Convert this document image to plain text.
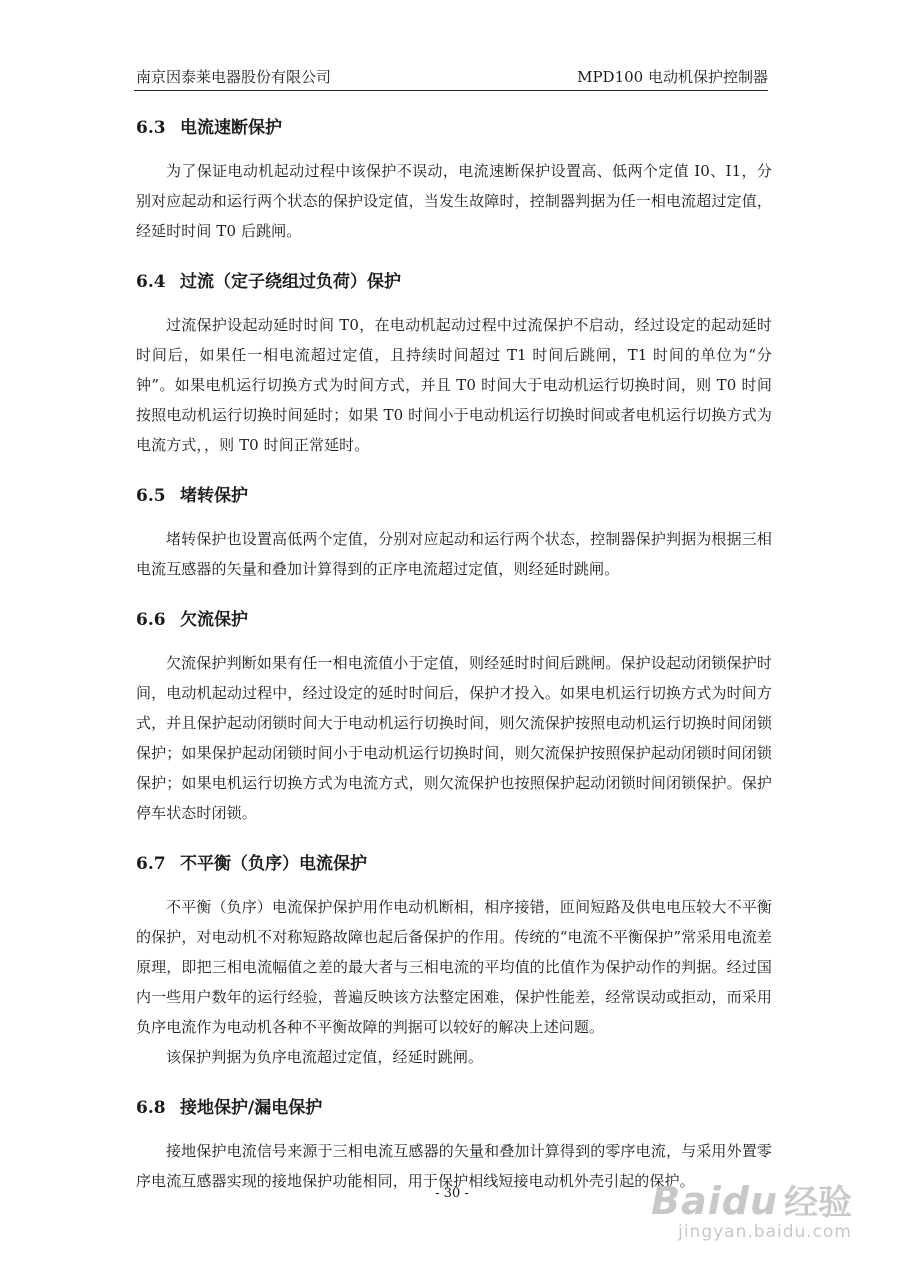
南京因泰莱电器股份有限公司	MPD100 电动机保护控制器
6.3 电流速断保护

为了保证电动机起动过程中该保护不误动，电流速断保护设置高、低两个定值 I0、I1，分别对应起动和运行两个状态的保护设定值，当发生故障时，控制器判据为任一相电流超过定值，经延时时间 T0 后跳闸。

6.4 过流（定子绕组过负荷）保护

过流保护设起动延时时间 T0，在电动机起动过程中过流保护不启动，经过设定的起动延时时间后，如果任一相电流超过定值，且持续时间超过 T1 时间后跳闸，T1 时间的单位为“分钟”。如果电机运行切换方式为时间方式，并且 T0 时间大于电动机运行切换时间，则 T0 时间按照电动机运行切换时间延时；如果 T0 时间小于电动机运行切换时间或者电机运行切换方式为电流方式，，则 T0 时间正常延时。

6.5 堵转保护

堵转保护也设置高低两个定值，分别对应起动和运行两个状态，控制器保护判据为根据三相电流互感器的矢量和叠加计算得到的正序电流超过定值，则经延时跳闸。

6.6 欠流保护

欠流保护判断如果有任一相电流值小于定值，则经延时时间后跳闸。保护设起动闭锁保护时间，电动机起动过程中，经过设定的延时时间后，保护才投入。如果电机运行切换方式为时间方式，并且保护起动闭锁时间大于电动机运行切换时间，则欠流保护按照电动机运行切换时间闭锁保护；如果保护起动闭锁时间小于电动机运行切换时间，则欠流保护按照保护起动闭锁时间闭锁保护；如果电机运行切换方式为电流方式，则欠流保护也按照保护起动闭锁时间闭锁保护。保护停车状态时闭锁。

6.7 不平衡（负序）电流保护

不平衡（负序）电流保护保护用作电动机断相，相序接错，匝间短路及供电电压较大不平衡的保护，对电动机不对称短路故障也起后备保护的作用。传统的“电流不平衡保护”常采用电流差原理，即把三相电流幅值之差的最大者与三相电流的平均值的比值作为保护动作的判据。经过国内一些用户数年的运行经验，普遍反映该方法整定困难，保护性能差，经常误动或拒动，而采用负序电流作为电动机各种不平衡故障的判据可以较好的解决上述问题。

该保护判据为负序电流超过定值，经延时跳闸。

6.8 接地保护/漏电保护

接地保护电流信号来源于三相电流互感器的矢量和叠加计算得到的零序电流，与采用外置零序电流互感器实现的接地保护功能相同，用于保护相线短接电动机外壳引起的保护。

- 30 -	Baidu 经验
jingyan.baidu.com
